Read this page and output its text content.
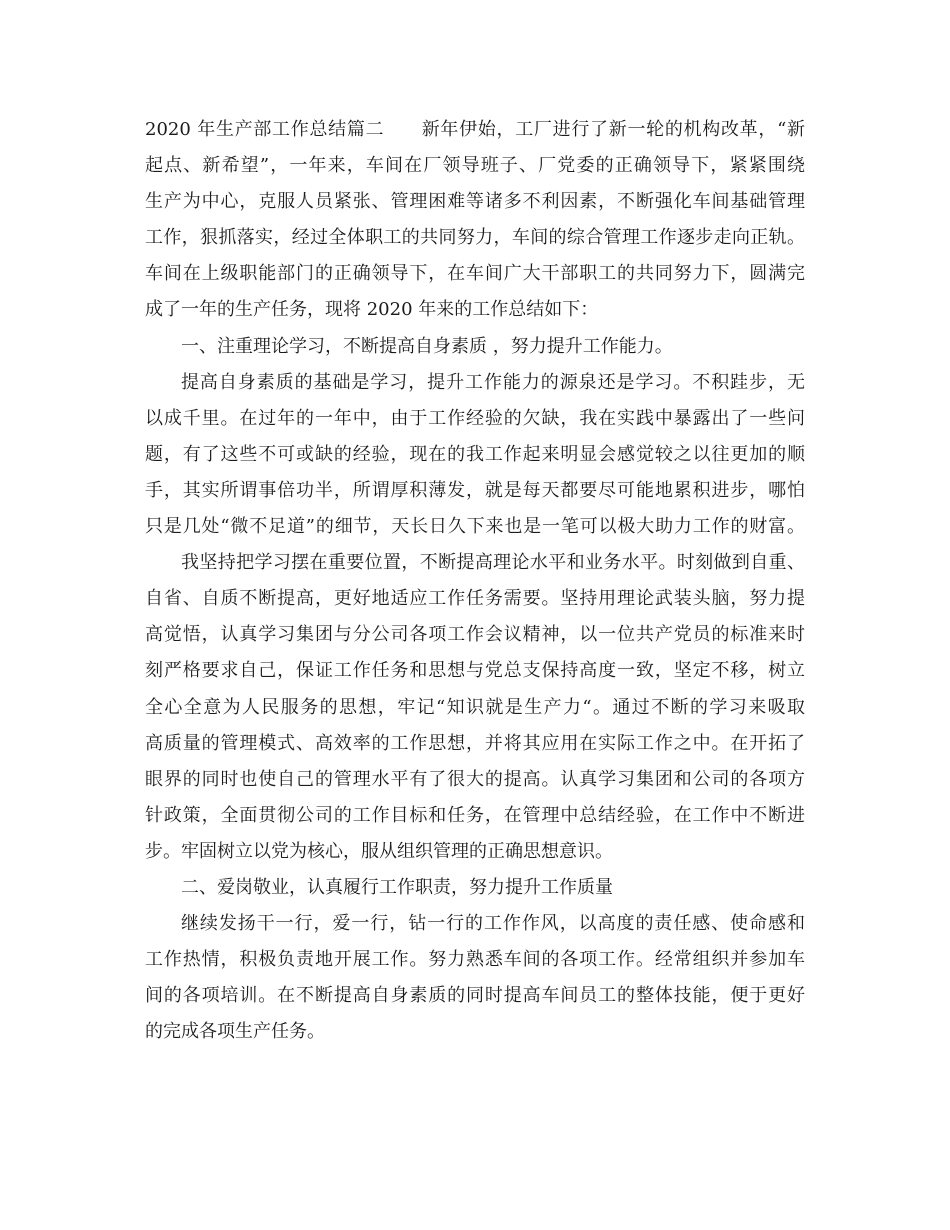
2020 年生产部工作总结篇二　　新年伊始，工厂进行了新一轮的机构改革，“新
起点、新希望”，一年来，车间在厂领导班子、厂党委的正确领导下，紧紧围绕
生产为中心，克服人员紧张、管理困难等诸多不利因素，不断强化车间基础管理
工作，狠抓落实，经过全体职工的共同努力，车间的综合管理工作逐步走向正轨。
车间在上级职能部门的正确领导下，在车间广大干部职工的共同努力下，圆满完
成了一年的生产任务，现将 2020 年来的工作总结如下：
一、注重理论学习，不断提高自身素质 ，努力提升工作能力。
提高自身素质的基础是学习，提升工作能力的源泉还是学习。不积跬步，无
以成千里。在过年的一年中，由于工作经验的欠缺，我在实践中暴露出了一些问
题，有了这些不可或缺的经验，现在的我工作起来明显会感觉较之以往更加的顺
手，其实所谓事倍功半，所谓厚积薄发，就是每天都要尽可能地累积进步，哪怕
只是几处“微不足道”的细节，天长日久下来也是一笔可以极大助力工作的财富。
我坚持把学习摆在重要位置，不断提高理论水平和业务水平。时刻做到自重、
自省、自质不断提高，更好地适应工作任务需要。坚持用理论武装头脑，努力提
高觉悟，认真学习集团与分公司各项工作会议精神，以一位共产党员的标准来时
刻严格要求自己，保证工作任务和思想与党总支保持高度一致，坚定不移，树立
全心全意为人民服务的思想，牢记“知识就是生产力“。通过不断的学习来吸取
高质量的管理模式、高效率的工作思想，并将其应用在实际工作之中。在开拓了
眼界的同时也使自己的管理水平有了很大的提高。认真学习集团和公司的各项方
针政策，全面贯彻公司的工作目标和任务，在管理中总结经验，在工作中不断进
步。牢固树立以党为核心，服从组织管理的正确思想意识。
二、爱岗敬业，认真履行工作职责，努力提升工作质量
继续发扬干一行，爱一行，钻一行的工作作风，以高度的责任感、使命感和
工作热情，积极负责地开展工作。努力熟悉车间的各项工作。经常组织并参加车
间的各项培训。在不断提高自身素质的同时提高车间员工的整体技能，便于更好
的完成各项生产任务。
